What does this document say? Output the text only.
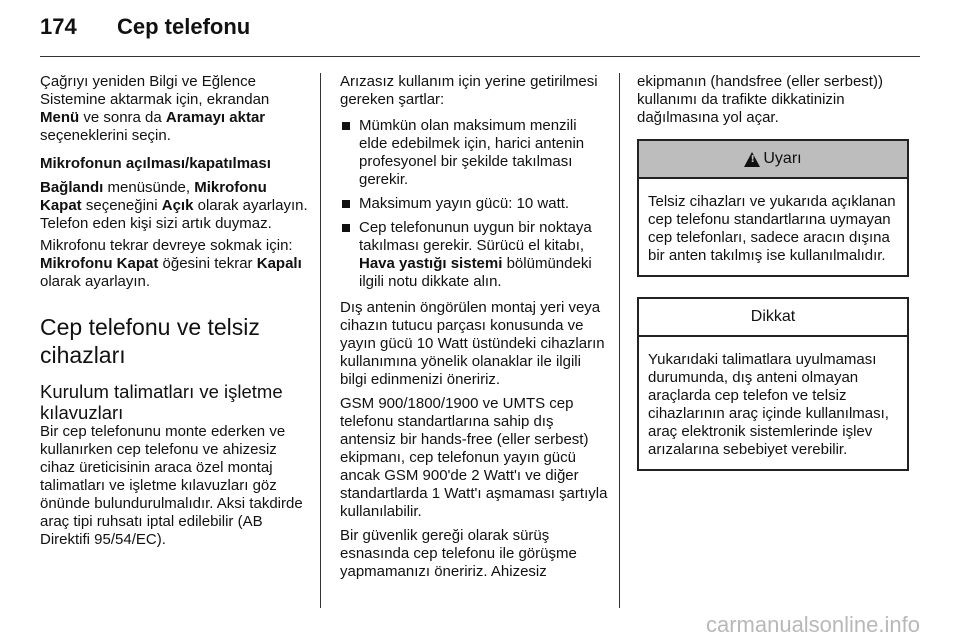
174 Cep telefonu

Çağrıyı yeniden Bilgi ve Eğlence Sistemine aktarmak için, ekrandan Menü ve sonra da Aramayı aktar seçeneklerini seçin.

Mikrofonun açılması/kapatılması

Bağlandı menüsünde, Mikrofonu Kapat seçeneğini Açık olarak ayarlayın. Telefon eden kişi sizi artık duymaz.

Mikrofonu tekrar devreye sokmak için: Mikrofonu Kapat öğesini tekrar Kapalı olarak ayarlayın.

Cep telefonu ve telsiz cihazları
Kurulum talimatları ve işletme kılavuzları

Bir cep telefonunu monte ederken ve kullanırken cep telefonu ve ahizesiz cihaz üreticisinin araca özel montaj talimatları ve işletme kılavuzları göz önünde bulundurulmalıdır. Aksi takdirde araç tipi ruhsatı iptal edilebilir (AB Direktifi 95/54/EC).

Arızasız kullanım için yerine getirilmesi gereken şartlar:

Mümkün olan maksimum menzili elde edebilmek için, harici antenin profesyonel bir şekilde takılması gerekir.
Maksimum yayın gücü: 10 watt.
Cep telefonunun uygun bir noktaya takılması gerekir. Sürücü el kitabı, Hava yastığı sistemi bölümündeki ilgili notu dikkate alın.

Dış antenin öngörülen montaj yeri veya cihazın tutucu parçası konusunda ve yayın gücü 10 Watt üstündeki cihazların kullanımına yönelik olanaklar ile ilgili bilgi edinmenizi öneririz.

GSM 900/1800/1900 ve UMTS cep telefonu standartlarına sahip dış antensiz bir hands-free (eller serbest) ekipmanı, cep telefonun yayın gücü ancak GSM 900'de 2 Watt'ı ve diğer standartlarda 1 Watt'ı aşmaması şartıyla kullanılabilir.

Bir güvenlik gereği olarak sürüş esnasında cep telefonu ile görüşme yapmamanızı öneririz. Ahizesiz

ekipmanın (handsfree (eller serbest)) kullanımı da trafikte dikkatinizin dağılmasına yol açar.

!
Uyarı
Telsiz cihazları ve yukarıda açıklanan cep telefonu standartlarına uymayan cep telefonları, sadece aracın dışına bir anten takılmış ise kullanılmalıdır.
Dikkat
Yukarıdaki talimatlara uyulmaması durumunda, dış anteni olmayan araçlarda cep telefon ve telsiz cihazlarının araç içinde kullanılması, araç elektronik sistemlerinde işlev arızalarına sebebiyet verebilir.
carmanualsonline.info
